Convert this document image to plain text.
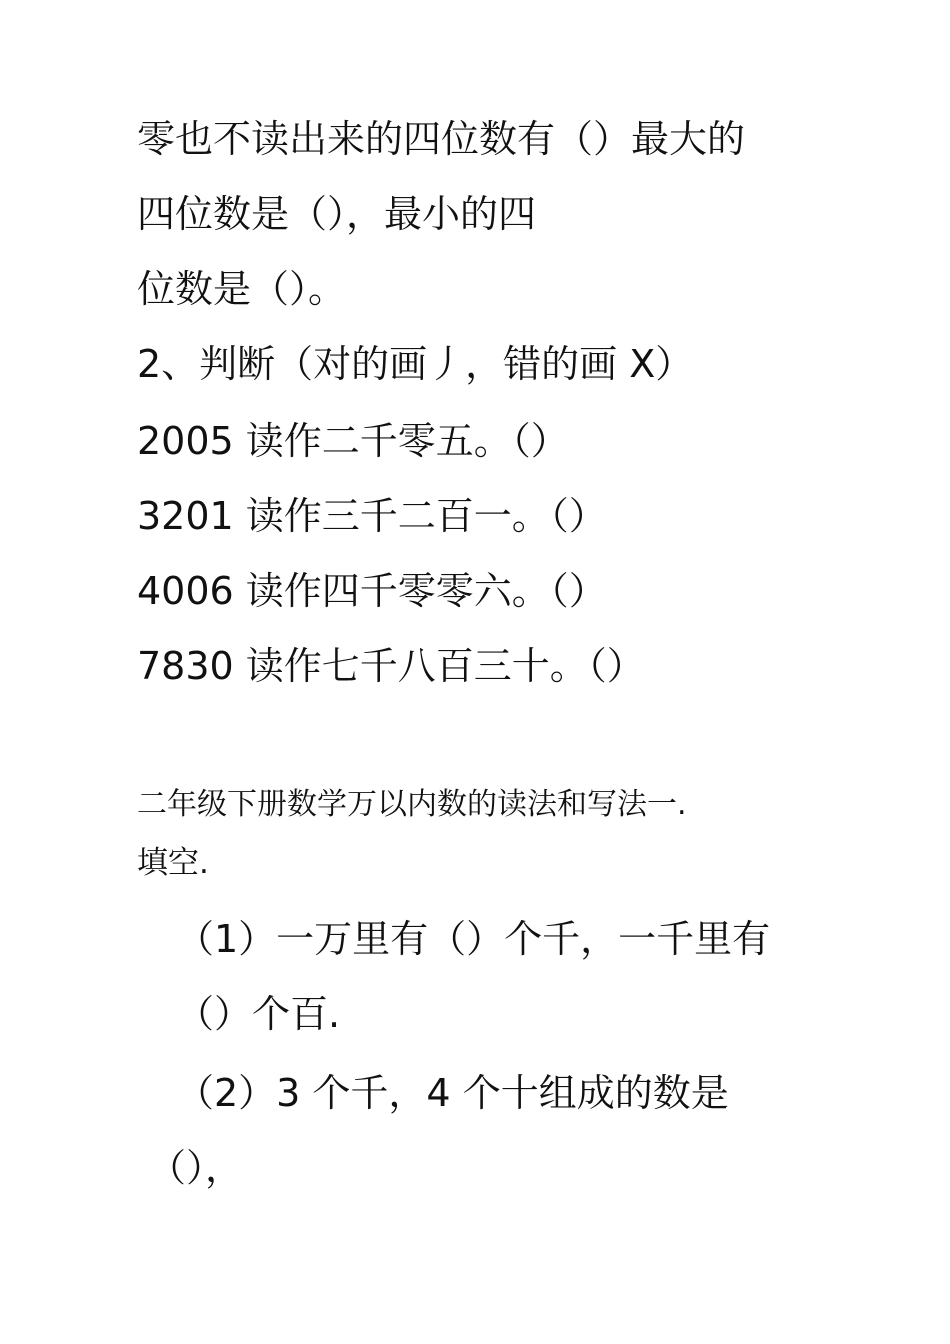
零也不读出来的四位数有（）最大的

四位数是（），最小的四

位数是（）。

2、判断（对的画丿，错的画 X）

2005 读作二千零五。（）

3201 读作三千二百一。（）

4006 读作四千零零六。（）

7830 读作七千八百三十。（）

二年级下册数学万以内数的读法和写法一.

填空.

（1）一万里有（）个千，一千里有

（）个百.

（2）3 个千，4 个十组成的数是

（），
